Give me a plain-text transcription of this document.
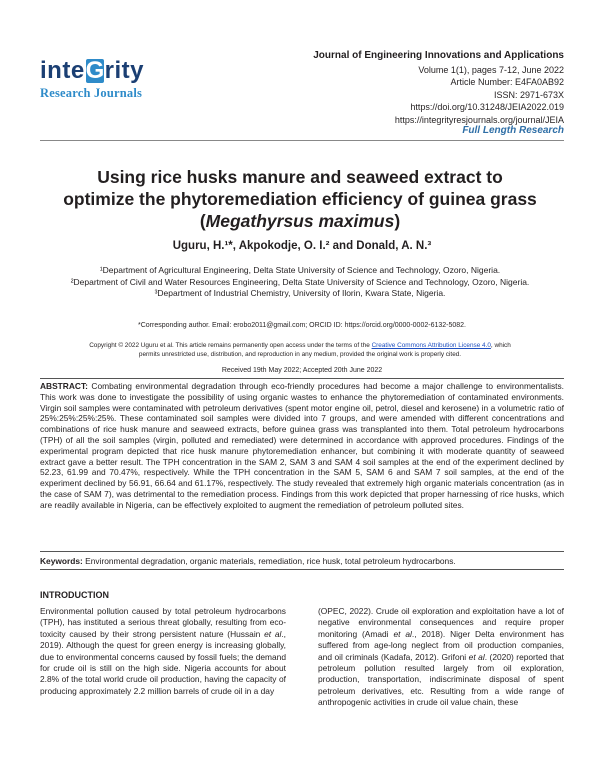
inteGrity
Research Journals
Journal of Engineering Innovations and Applications
Volume 1(1), pages 7-12, June 2022
Article Number: E4FA0AB92
ISSN: 2971-673X
https://doi.org/10.31248/JEIA2022.019
https://integrityresjournals.org/journal/JEIA
Full Length Research
Using rice husks manure and seaweed extract to optimize the phytoremediation efficiency of guinea grass (Megathyrsus maximus)
Uguru, H.¹*, Akpokodje, O. I.² and Donald, A. N.³
¹Department of Agricultural Engineering, Delta State University of Science and Technology, Ozoro, Nigeria.
²Department of Civil and Water Resources Engineering, Delta State University of Science and Technology, Ozoro, Nigeria.
³Department of Industrial Chemistry, University of Ilorin, Kwara State, Nigeria.
*Corresponding author. Email: erobo2011@gmail.com; ORCID ID: https://orcid.org/0000-0002-6132-5082.
Copyright © 2022 Uguru et al. This article remains permanently open access under the terms of the Creative Commons Attribution License 4.0, which permits unrestricted use, distribution, and reproduction in any medium, provided the original work is properly cited.
Received 19th May 2022; Accepted 20th June 2022
ABSTRACT: Combating environmental degradation through eco-friendly procedures had become a major challenge to environmentalists. This work was done to investigate the possibility of using organic wastes to enhance the phytoremediation of contaminated environments. Virgin soil samples were contaminated with petroleum derivatives (spent motor engine oil, petrol, diesel and kerosene) in a volumetric ratio of 25%:25%:25%:25%. These contaminated soil samples were divided into 7 groups, and were amended with different concentrations and combinations of rice husk manure and seaweed extracts, before guinea grass was transplanted into them. Total petroleum hydrocarbons (TPH) of all the soil samples (virgin, polluted and remediated) were determined in accordance with approved procedures. Findings of the experimental program depicted that rice husk manure phytoremediation enhancer, but combining it with moderate quantity of seaweed extract gave a better result. The TPH concentration in the SAM 2, SAM 3 and SAM 4 soil samples at the end of the experiment declined by 52.23, 61.99 and 70.47%, respectively. While the TPH concentration in the SAM 5, SAM 6 and SAM 7 soil samples, at the end of the experiment declined by 56.91, 66.64 and 61.17%, respectively. The study revealed that extremely high organic materials concentration (as in the case of SAM 7), was detrimental to the remediation process. Findings from this work depicted that proper harnessing of rice husks, which are readily available in Nigeria, can be effectively exploited to augment the remediation of petroleum polluted sites.
Keywords: Environmental degradation, organic materials, remediation, rice husk, total petroleum hydrocarbons.
INTRODUCTION
Environmental pollution caused by total petroleum hydrocarbons (TPH), has instituted a serious threat globally, resulting from eco-toxicity caused by their strong persistent nature (Hussain et al., 2019). Although the quest for green energy is increasing globally, due to environmental concerns caused by fossil fuels; the demand for crude oil is still on the high side. Nigeria accounts for about 2.8% of the total world crude oil production, having the capacity of producing approximately 2.2 million barrels of crude oil in a day
(OPEC, 2022). Crude oil exploration and exploitation have a lot of negative environmental consequences and require proper monitoring (Amadi et al., 2018). Niger Delta environment has suffered from age-long neglect from oil production companies, and oil criminals (Kadafa, 2012). Grifoni et al. (2020) reported that petroleum pollution resulted largely from oil exploration, production, transportation, indiscriminate disposal of spent petroleum derivatives, etc. Resulting from a wide range of anthropogenic activities in crude oil value chain, these
